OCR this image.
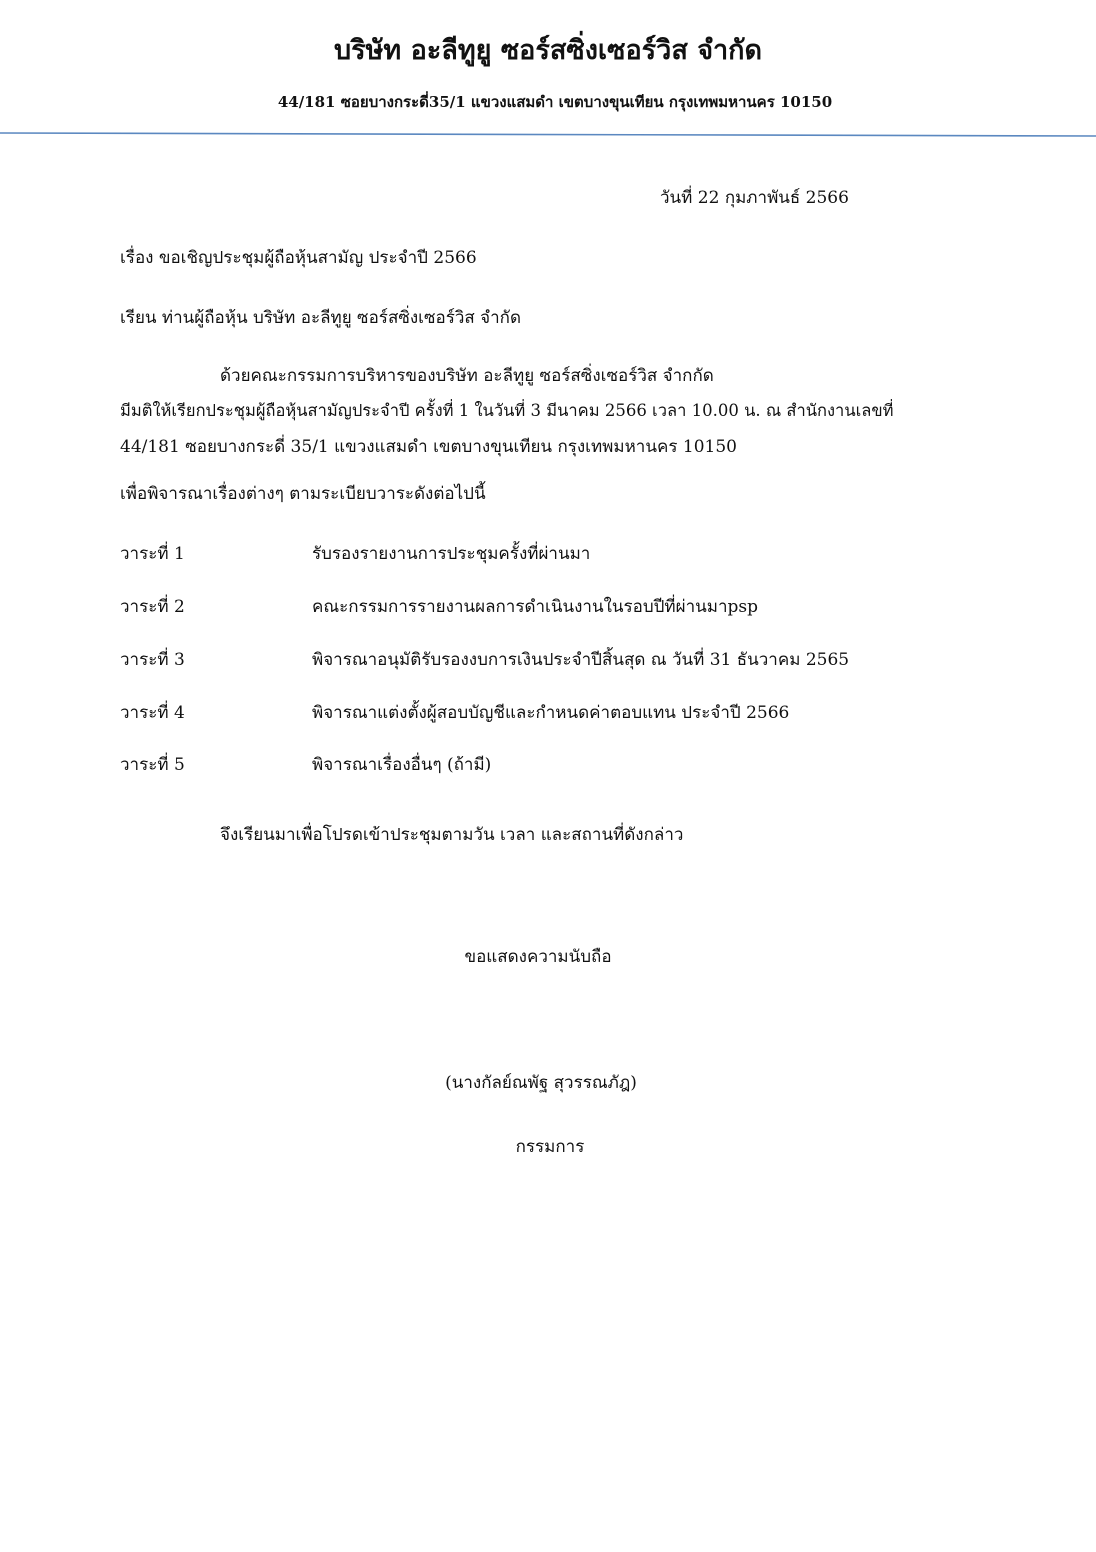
บริษัท อะลีทูยู ซอร์สซิ่งเซอร์วิส จำกัด
44/181 ซอยบางกระดี่35/1 แขวงแสมดำ เขตบางขุนเทียน กรุงเทพมหานคร 10150
วันที่ 22 กุมภาพันธ์ 2566
เรื่อง ขอเชิญประชุมผู้ถือหุ้นสามัญ ประจำปี 2566
เรียน ท่านผู้ถือหุ้น บริษัท อะลีทูยู ซอร์สซิ่งเซอร์วิส จำกัด
ด้วยคณะกรรมการบริหารของบริษัท อะลีทูยู ซอร์สซิ่งเซอร์วิส จำกกัด
มีมติให้เรียกประชุมผู้ถือหุ้นสามัญประจำปี ครั้งที่ 1 ในวันที่ 3 มีนาคม 2566 เวลา 10.00 น. ณ สำนักงานเลขที่
44/181 ซอยบางกระดี่ 35/1 แขวงแสมดำ เขตบางขุนเทียน กรุงเทพมหานคร 10150
เพื่อพิจารณาเรื่องต่างๆ ตามระเบียบวาระดังต่อไปนี้
วาระที่ 1	รับรองรายงานการประชุมครั้งที่ผ่านมา
วาระที่ 2	คณะกรรมการรายงานผลการดำเนินงานในรอบปีที่ผ่านมาpsp
วาระที่ 3	พิจารณาอนุมัติรับรองงบการเงินประจำปีสิ้นสุด ณ วันที่ 31 ธันวาคม 2565
วาระที่ 4	พิจารณาแต่งตั้งผู้สอบบัญชีและกำหนดค่าตอบแทน ประจำปี 2566
วาระที่ 5	พิจารณาเรื่องอื่นๆ (ถ้ามี)
จึงเรียนมาเพื่อโปรดเข้าประชุมตามวัน เวลา และสถานที่ดังกล่าว
ขอแสดงความนับถือ
(นางกัลย์ณพัฐ สุวรรณภัฎ)
กรรมการ
